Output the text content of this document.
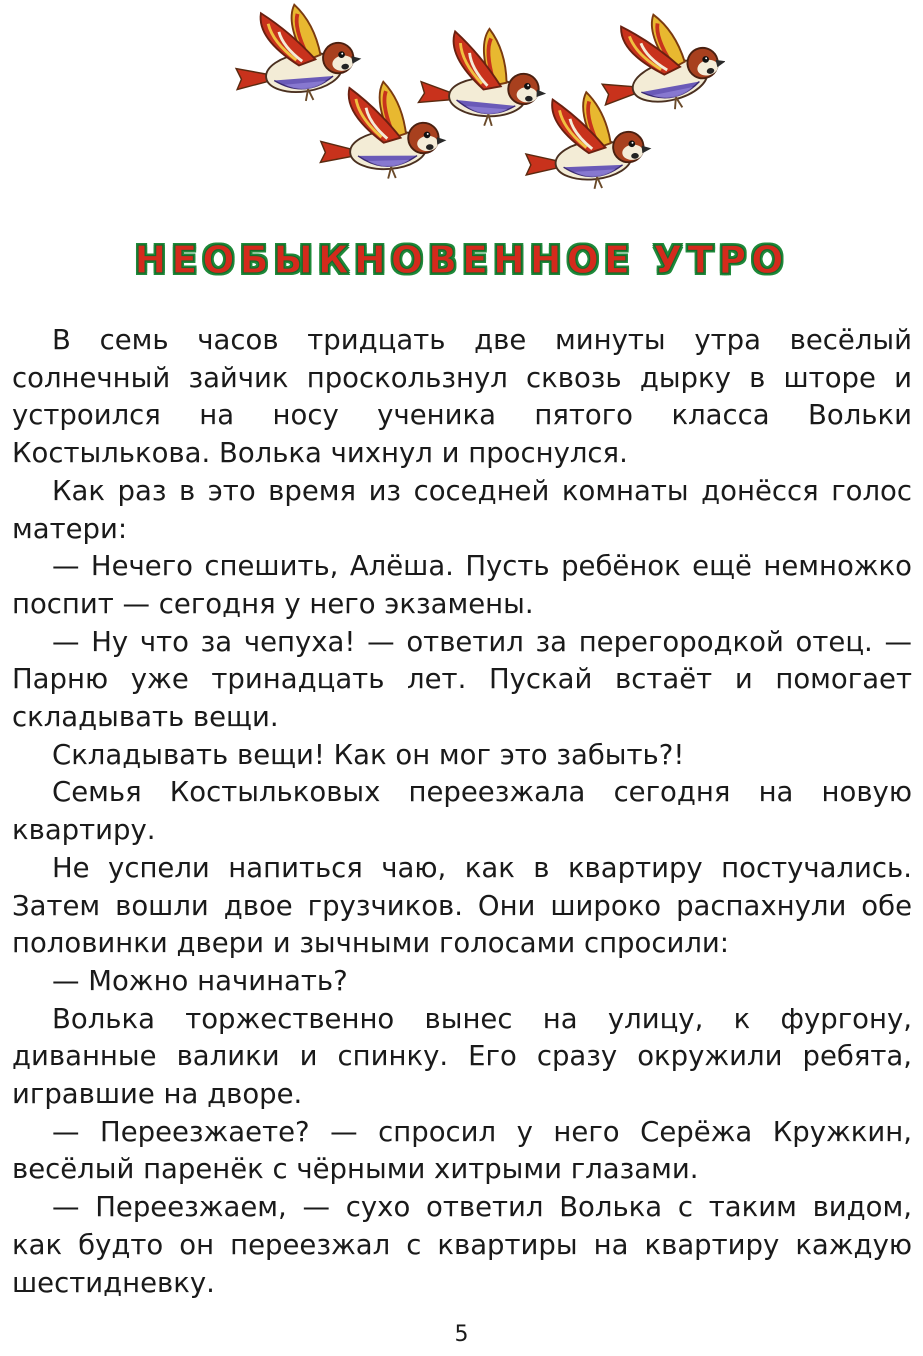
НЕОБЫКНОВЕННОЕ УТРО

В семь часов тридцать две минуты утра весёлый солнечный зайчик проскользнул сквозь дырку в шторе и устроился на носу ученика пятого класса Вольки Костылькова. Волька чихнул и проснулся.

Как раз в это время из соседней комнаты донёсся голос матери:

— Нечего спешить, Алёша. Пусть ребёнок ещё немножко поспит — сегодня у него экзамены.

— Ну что за чепуха! — ответил за перегородкой отец. — Парню уже тринадцать лет. Пускай встаёт и помогает складывать вещи.

Складывать вещи! Как он мог это забыть?!

Семья Костыльковых переезжала сегодня на новую квартиру.

Не успели напиться чаю, как в квартиру постучались. Затем вошли двое грузчиков. Они широко распахнули обе половинки двери и зычными голосами спросили:

— Можно начинать?

Волька торжественно вынес на улицу, к фургону, диванные валики и спинку. Его сразу окружили ребята, игравшие на дворе.

— Переезжаете? — спросил у него Серёжа Кружкин, весёлый паренёк с чёрными хитрыми глазами.

— Переезжаем, — сухо ответил Волька с таким видом, как будто он переезжал с квартиры на квартиру каждую шестидневку.

5
